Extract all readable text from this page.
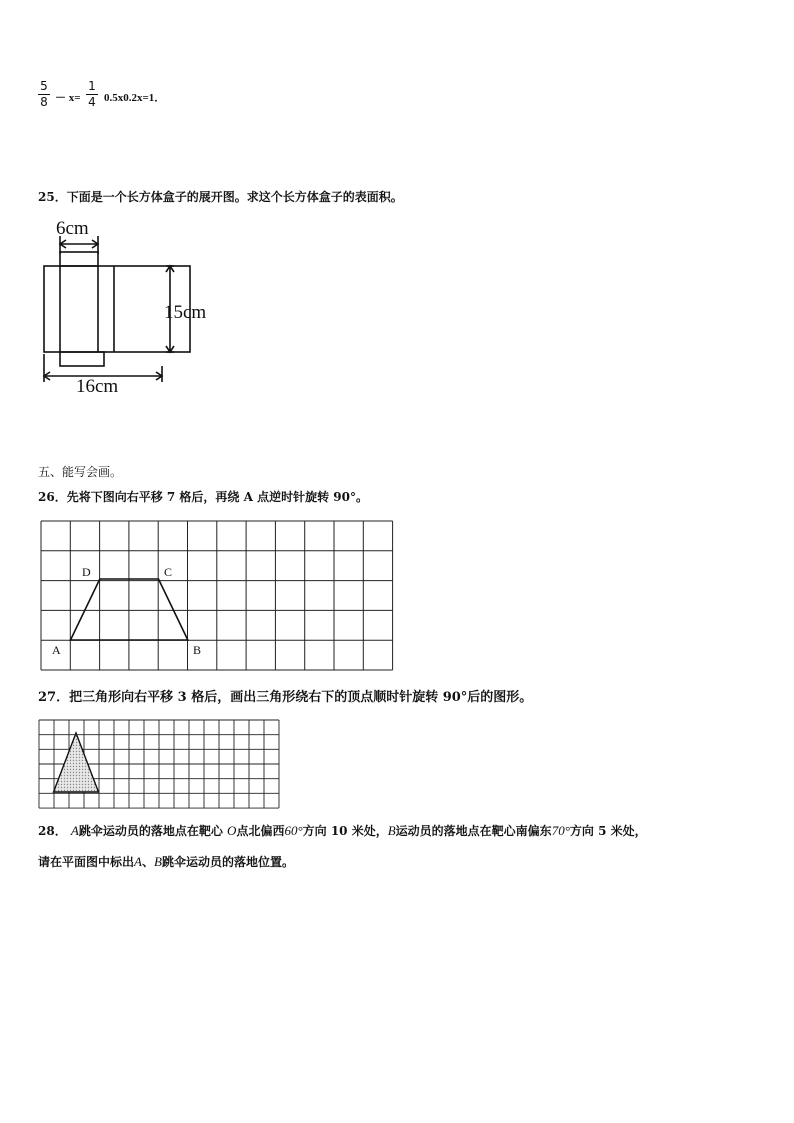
5
8 － x=
1
4 0.5x0.2x=1．
25．下面是一个长方体盒子的展开图。求这个长方体盒子的表面积。
6cm
15cm
16cm
五、能写会画。
26．先将下图向右平移 7 格后，再绕 A 点逆时针旋转 90°。
A	B
C
D
27．把三角形向右平移 3 格后，画出三角形绕右下的顶点顺时针旋转 90°后的图形。
28． A跳伞运动员的落地点在靶心 O点北偏西60°方向 10 米处，B运动员的落地点在靶心南偏东70°方向 5 米处，
请在平面图中标出A、B跳伞运动员的落地位置。
